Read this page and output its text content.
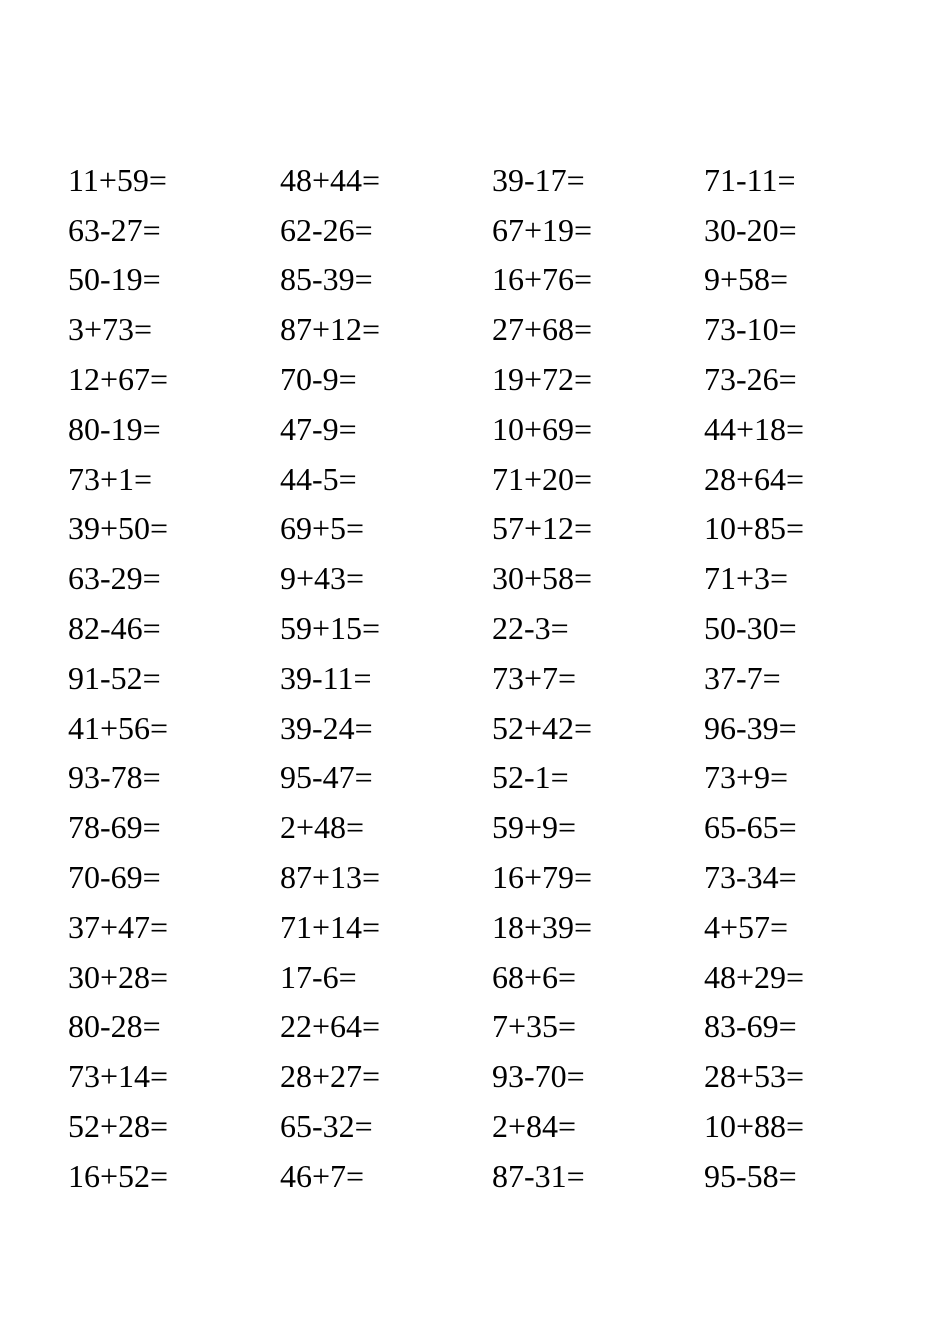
11+59=	48+44=	39-17=	71-11=
63-27=	62-26=	67+19=	30-20=
50-19=	85-39=	16+76=	9+58=
3+73=	87+12=	27+68=	73-10=
12+67=	70-9=	19+72=	73-26=
80-19=	47-9=	10+69=	44+18=
73+1=	44-5=	71+20=	28+64=
39+50=	69+5=	57+12=	10+85=
63-29=	9+43=	30+58=	71+3=
82-46=	59+15=	22-3=	50-30=
91-52=	39-11=	73+7=	37-7=
41+56=	39-24=	52+42=	96-39=
93-78=	95-47=	52-1=	73+9=
78-69=	2+48=	59+9=	65-65=
70-69=	87+13=	16+79=	73-34=
37+47=	71+14=	18+39=	4+57=
30+28=	17-6=	68+6=	48+29=
80-28=	22+64=	7+35=	83-69=
73+14=	28+27=	93-70=	28+53=
52+28=	65-32=	2+84=	10+88=
16+52=	46+7=	87-31=	95-58=
